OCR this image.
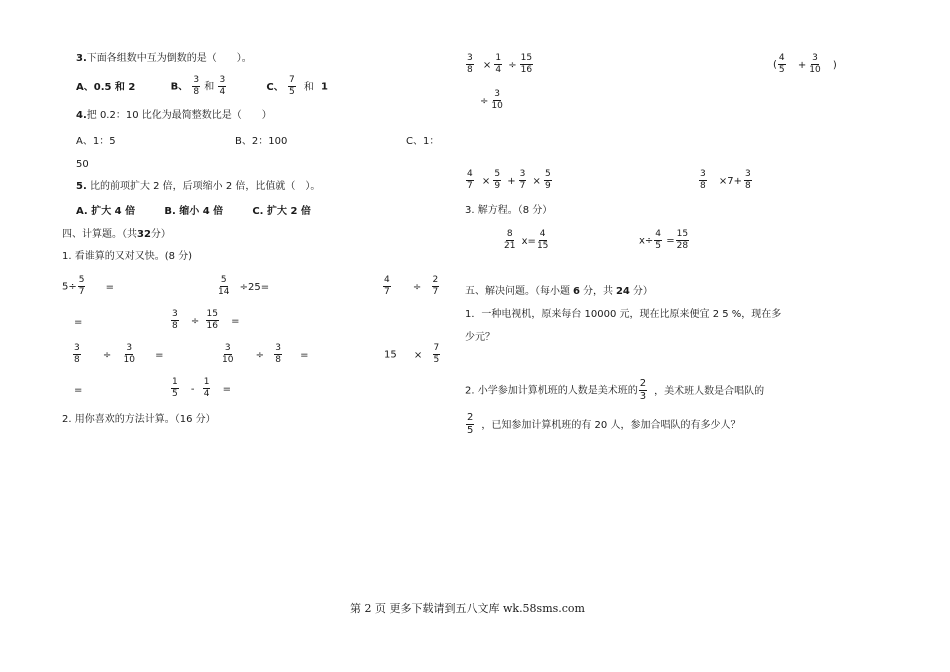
3.下面各组数中互为倒数的是（　　）。
A、0.5 和 2	B、 $\frac{3}{8}$ 和 $\frac{3}{4}$	C、 $\frac{7}{5}$ 和 1
4.把 0.2：10 比化为最简整数比是（　　）
A、1：5	B、2：100	C、1：
50
5. 比的前项扩大 2 倍，后项缩小 2 倍，比值就（　）。
A. 扩大 4 倍	B. 缩小 4 倍	C. 扩大 2 倍
四、计算题。（共32分）
1. 看谁算的又对又快。(8 分)
$5\div \frac{5}{7}$ =	$\frac{5}{14} \div 25=$	$\frac{4}{7} \div \frac{2}{7}$
=	$\frac{3}{8} \div \frac{15}{16}$ =
$\frac{3}{8} \div \frac{3}{10}$ =	$\frac{3}{10} \div \frac{3}{8}$ =	$15 \times \frac{7}{5}$
=	$\frac{1}{5} - \frac{1}{4}$ =
2. 用你喜欢的方法计算。（16 分）
$\frac{3}{8} \times \frac{1}{4} \div \frac{15}{16}$
÷ $\frac{3}{10}$
( $\frac{4}{5} + \frac{3}{10}$ )
$\frac{4}{7} \times \frac{5}{9} + \frac{3}{7} \times \frac{5}{9}$	$\frac{3}{8} \times 7+ \frac{3}{8}$
3. 解方程。（8 分）
$\frac{8}{21} x= \frac{4}{15}$	$x\div \frac{4}{5} = \frac{15}{28}$
五、解决问题。（每小题 6 分，共 24 分）
1．一种电视机，原来每台 10000 元，现在比原来便宜 2 5 %，现在多
少元？
2. 小学参加计算机班的人数是美术班的 $\frac{2}{3}$ ，美术班人数是合唱队的
$\frac{2}{5}$ ，已知参加计算机班的有 20 人，参加合唱队的有多少人？
第 2 页 更多下载请到五八文库 wk.58sms.com
